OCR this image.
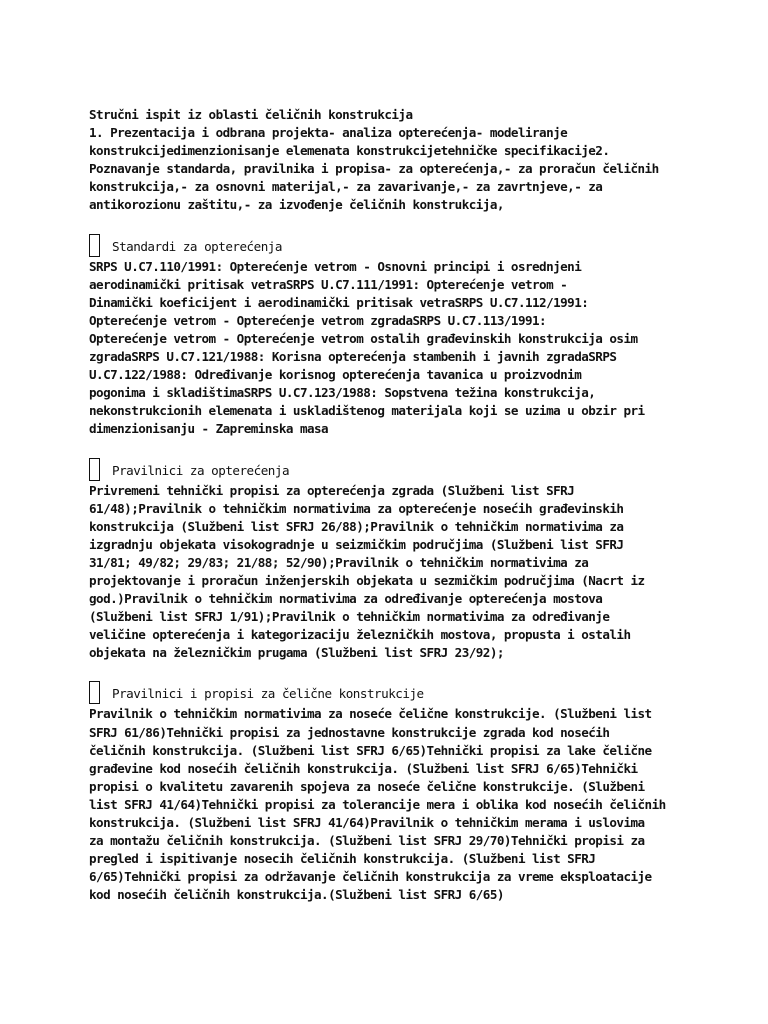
Stručni ispit iz oblasti čeličnih konstrukcija
1. Prezentacija i odbrana projekta- analiza opterećenja- modeliranje
konstrukcijedimenzionisanje elemenata konstrukcijetehničke specifikacije2.
Poznavanje standarda, pravilnika i propisa- za opterećenja,- za proračun čeličnih
konstrukcija,- za osnovni materijal,- za zavarivanje,- za zavrtnjeve,- za
antikorozionu zaštitu,- za izvođenje čeličnih konstrukcija,
Standardi za opterećenja
SRPS U.C7.110/1991: Opterećenje vetrom - Osnovni principi i osrednjeni
aerodinamički pritisak vetraSRPS U.C7.111/1991: Opterećenje vetrom -
Dinamički koeficijent i aerodinamički pritisak vetraSRPS U.C7.112/1991:
Opterećenje vetrom - Opterećenje vetrom zgradaSRPS U.C7.113/1991:
Opterećenje vetrom - Opterećenje vetrom ostalih građevinskih konstrukcija osim
zgradaSRPS U.C7.121/1988: Korisna opterećenja stambenih i javnih zgradaSRPS
U.C7.122/1988: Određivanje korisnog opterećenja tavanica u proizvodnim
pogonima i skladištimaSRPS U.C7.123/1988: Sopstvena težina konstrukcija,
nekonstrukcionih elemenata i uskladištenog materijala koji se uzima u obzir pri
dimenzionisanju - Zapreminska masa
Pravilnici za opterećenja
Privremeni tehnički propisi za opterećenja zgrada (Službeni list SFRJ
61/48);Pravilnik o tehničkim normativima za opterećenje nosećih građevinskih
konstrukcija (Službeni list SFRJ 26/88);Pravilnik o tehničkim normativima za
izgradnju objekata visokogradnje u seizmičkim područjima (Službeni list SFRJ
31/81; 49/82; 29/83; 21/88; 52/90);Pravilnik o tehničkim normativima za
projektovanje i proračun inženjerskih objekata u sezmičkim područjima (Nacrt iz
god.)Pravilnik o tehničkim normativima za određivanje opterećenja mostova
(Službeni list SFRJ 1/91);Pravilnik o tehničkim normativima za određivanje
veličine opterećenja i kategorizaciju železničkih mostova, propusta i ostalih
objekata na železničkim prugama (Službeni list SFRJ 23/92);
Pravilnici i propisi za čelične konstrukcije
Pravilnik o tehničkim normativima za noseće čelične konstrukcije. (Službeni list
SFRJ 61/86)Tehnički propisi za jednostavne konstrukcije zgrada kod nosećih
čeličnih konstrukcija. (Službeni list SFRJ 6/65)Tehnički propisi za lake čelične
građevine kod nosećih čeličnih konstrukcija. (Službeni list SFRJ 6/65)Tehnički
propisi o kvalitetu zavarenih spojeva za noseće čelične konstrukcije. (Službeni
list SFRJ 41/64)Tehnički propisi za tolerancije mera i oblika kod nosećih čeličnih
konstrukcija. (Službeni list SFRJ 41/64)Pravilnik o tehničkim merama i uslovima
za montažu čeličnih konstrukcija. (Službeni list SFRJ 29/70)Tehnički propisi za
pregled i ispitivanje nosecih čeličnih konstrukcija. (Službeni list SFRJ
6/65)Tehnički propisi za održavanje čeličnih konstrukcija za vreme eksploatacije
kod nosećih čeličnih konstrukcija.(Službeni list SFRJ 6/65)
